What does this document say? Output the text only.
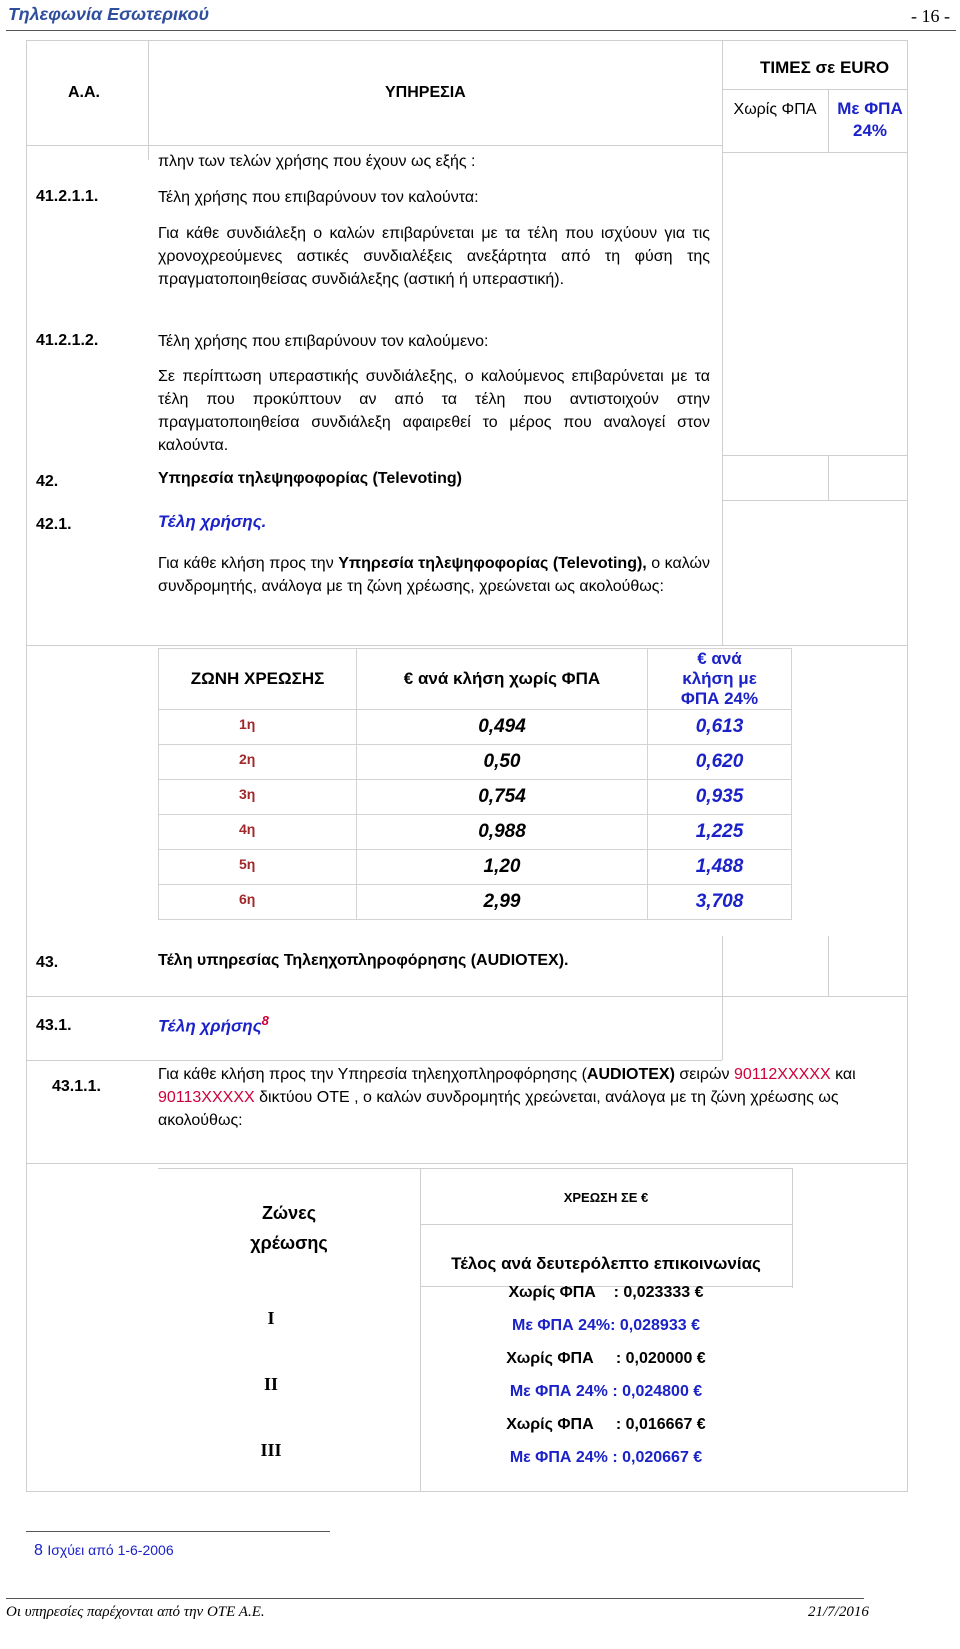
Τηλεφωνία Εσωτερικού	- 16 -
Α.Α.	ΥΠΗΡΕΣΙΑ
ΤΙΜΕΣ σε EURO
Χωρίς ΦΠΑ	Με ΦΠΑ
24%
πλην των τελών χρήσης που έχουν ως εξής :
41.2.1.1.	Τέλη χρήσης που επιβαρύνουν τον καλούντα:
Για κάθε συνδιάλεξη ο καλών επιβαρύνεται με τα τέλη που ισχύουν για τις χρονοχρεούμενες αστικές συνδιαλέξεις ανεξάρτητα από τη φύση της πραγματοποιηθείσας συνδιάλεξης (αστική ή υπεραστική).
41.2.1.2.	Τέλη χρήσης που επιβαρύνουν τον καλούμενο:
Σε περίπτωση υπεραστικής συνδιάλεξης, ο καλούμενος επιβαρύνεται με τα τέλη που προκύπτουν αν από τα τέλη που αντιστοιχούν στην πραγματοποιηθείσα συνδιάλεξη αφαιρεθεί το μέρος που αναλογεί στον καλούντα.
42.	Υπηρεσία τηλεψηφοφορίας (Televoting)
42.1.	Τέλη χρήσης.
Για κάθε κλήση προς την Υπηρεσία τηλεψηφοφορίας (Televoting), ο καλών συνδρομητής, ανάλογα με τη ζώνη χρέωσης, χρεώνεται ως ακολούθως:
ΖΩΝΗ ΧΡΕΩΣΗΣ	€ ανά κλήση χωρίς ΦΠΑ	€ ανά κλήση με ΦΠΑ 24%
1η	0,494	0,613
2η	0,50	0,620
3η	0,754	0,935
4η	0,988	1,225
5η	1,20	1,488
6η	2,99	3,708
43.	Τέλη υπηρεσίας Τηλεηχοπληροφόρησης (AUDIOTEX).
43.1.	Τέλη χρήσης$^8$
43.1.1.
Για κάθε κλήση προς την Υπηρεσία τηλεηχοπληροφόρησης (AUDIOTEX) σειρών 90112XXXXX και 90113XXXXX δικτύου ΟΤΕ , ο καλών συνδρομητής χρεώνεται, ανάλογα με τη ζώνη χρέωσης ως ακολούθως:
Ζώνες
χρέωσης
ΧΡΕΩΣΗ ΣΕ €
Τέλος ανά δευτερόλεπτο επικοινωνίας
I
Χωρίς ΦΠΑ    : 0,023333 €
Με ΦΠΑ 24%: 0,028933 €
II
Χωρίς ΦΠΑ     : 0,020000 €
Με ΦΠΑ 24% : 0,024800 €
III
Χωρίς ΦΠΑ     : 0,016667 €
Με ΦΠΑ 24% : 0,020667 €
8 Ισχύει από 1-6-2006
Οι υπηρεσίες παρέχονται από την ΟΤΕ Α.Ε.	21/7/2016
